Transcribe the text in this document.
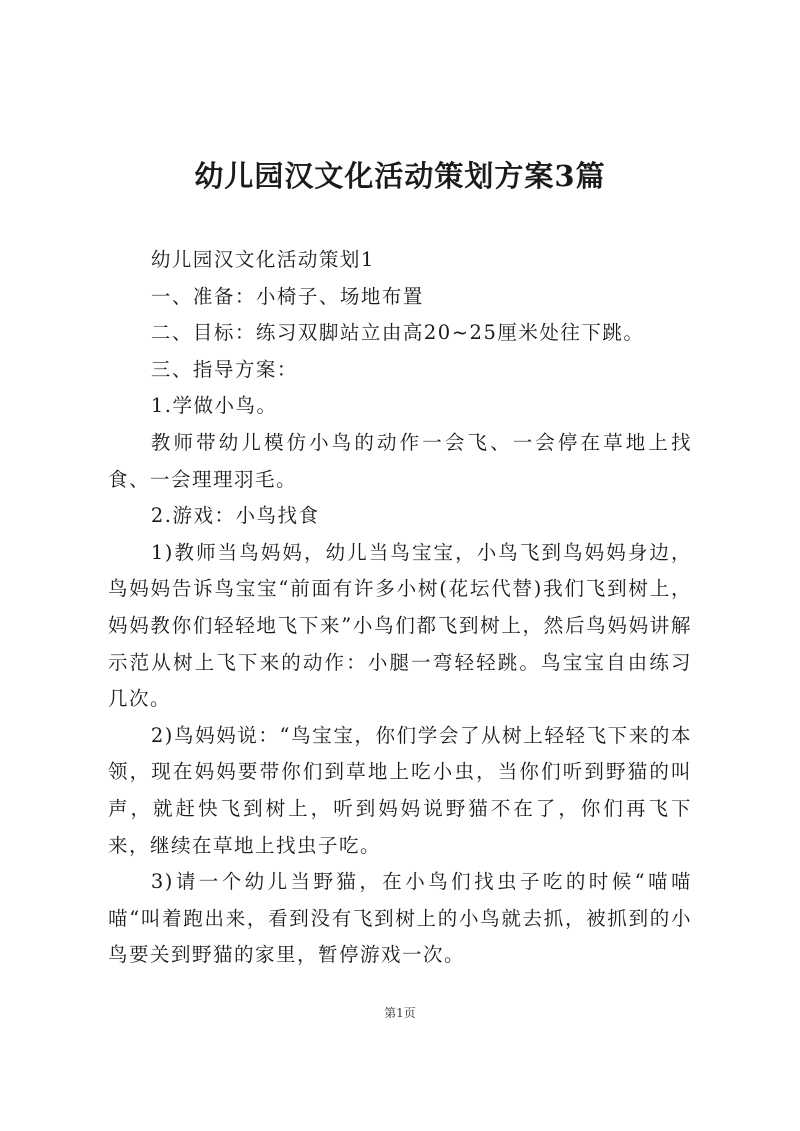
幼儿园汉文化活动策划方案3篇

幼儿园汉文化活动策划1

一、准备：小椅子、场地布置

二、目标：练习双脚站立由高20~25厘米处往下跳。

三、指导方案：

1.学做小鸟。

教师带幼儿模仿小鸟的动作一会飞、一会停在草地上找食、一会理理羽毛。

2.游戏：小鸟找食

1)教师当鸟妈妈，幼儿当鸟宝宝，小鸟飞到鸟妈妈身边，鸟妈妈告诉鸟宝宝“前面有许多小树(花坛代替)我们飞到树上，妈妈教你们轻轻地飞下来”小鸟们都飞到树上，然后鸟妈妈讲解示范从树上飞下来的动作：小腿一弯轻轻跳。鸟宝宝自由练习几次。

2)鸟妈妈说：“鸟宝宝，你们学会了从树上轻轻飞下来的本领，现在妈妈要带你们到草地上吃小虫，当你们听到野猫的叫声，就赶快飞到树上，听到妈妈说野猫不在了，你们再飞下来，继续在草地上找虫子吃。

3)请一个幼儿当野猫，在小鸟们找虫子吃的时候“喵喵喵“叫着跑出来，看到没有飞到树上的小鸟就去抓，被抓到的小鸟要关到野猫的家里，暂停游戏一次。

第1页
